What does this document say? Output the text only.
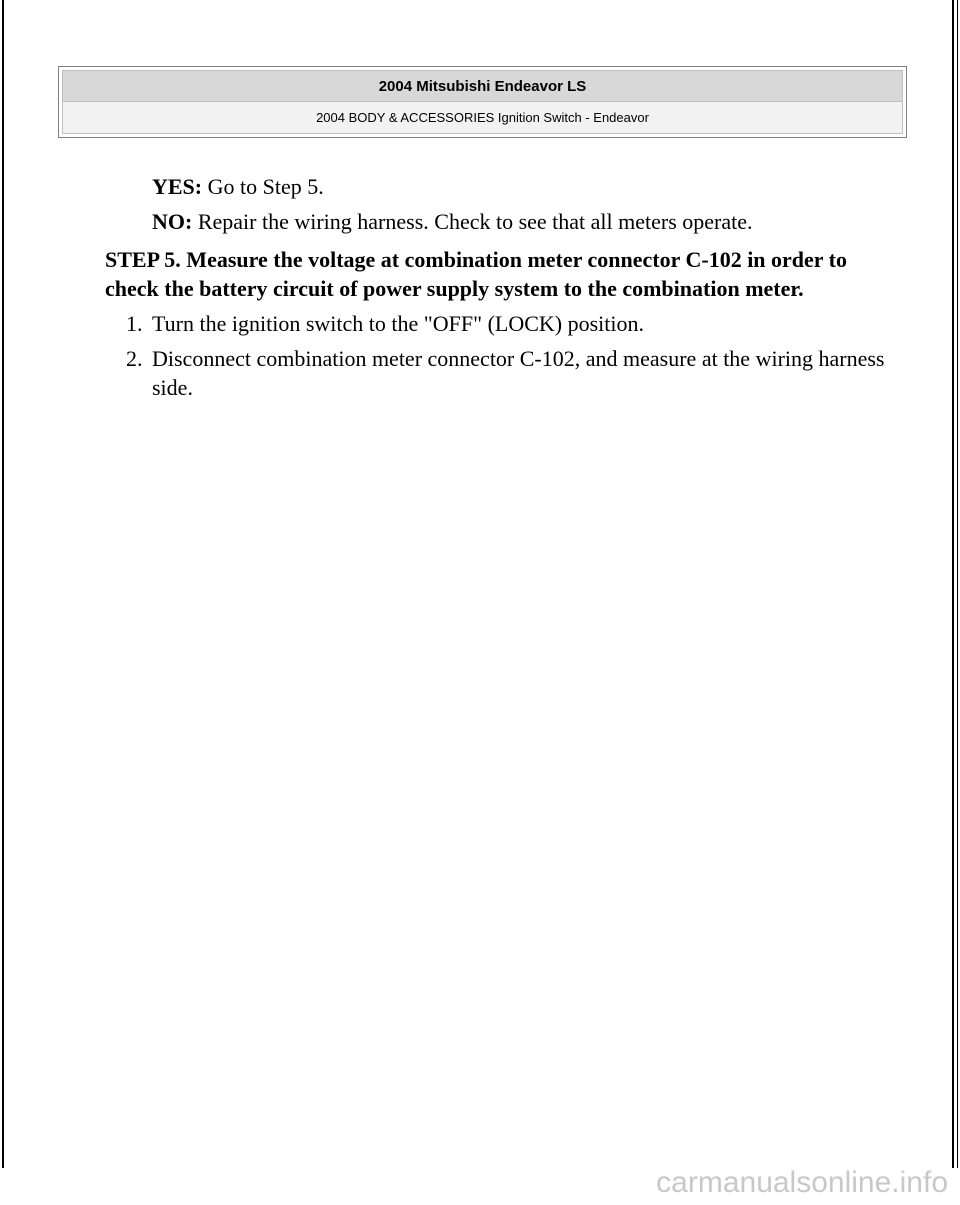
2004 Mitsubishi Endeavor LS
2004 BODY & ACCESSORIES Ignition Switch - Endeavor
YES: Go to Step 5.
NO: Repair the wiring harness. Check to see that all meters operate.
STEP 5. Measure the voltage at combination meter connector C-102 in order to check the battery circuit of power supply system to the combination meter.
1. Turn the ignition switch to the "OFF" (LOCK) position.
2. Disconnect combination meter connector C-102, and measure at the wiring harness side.
carmanualsonline.info
